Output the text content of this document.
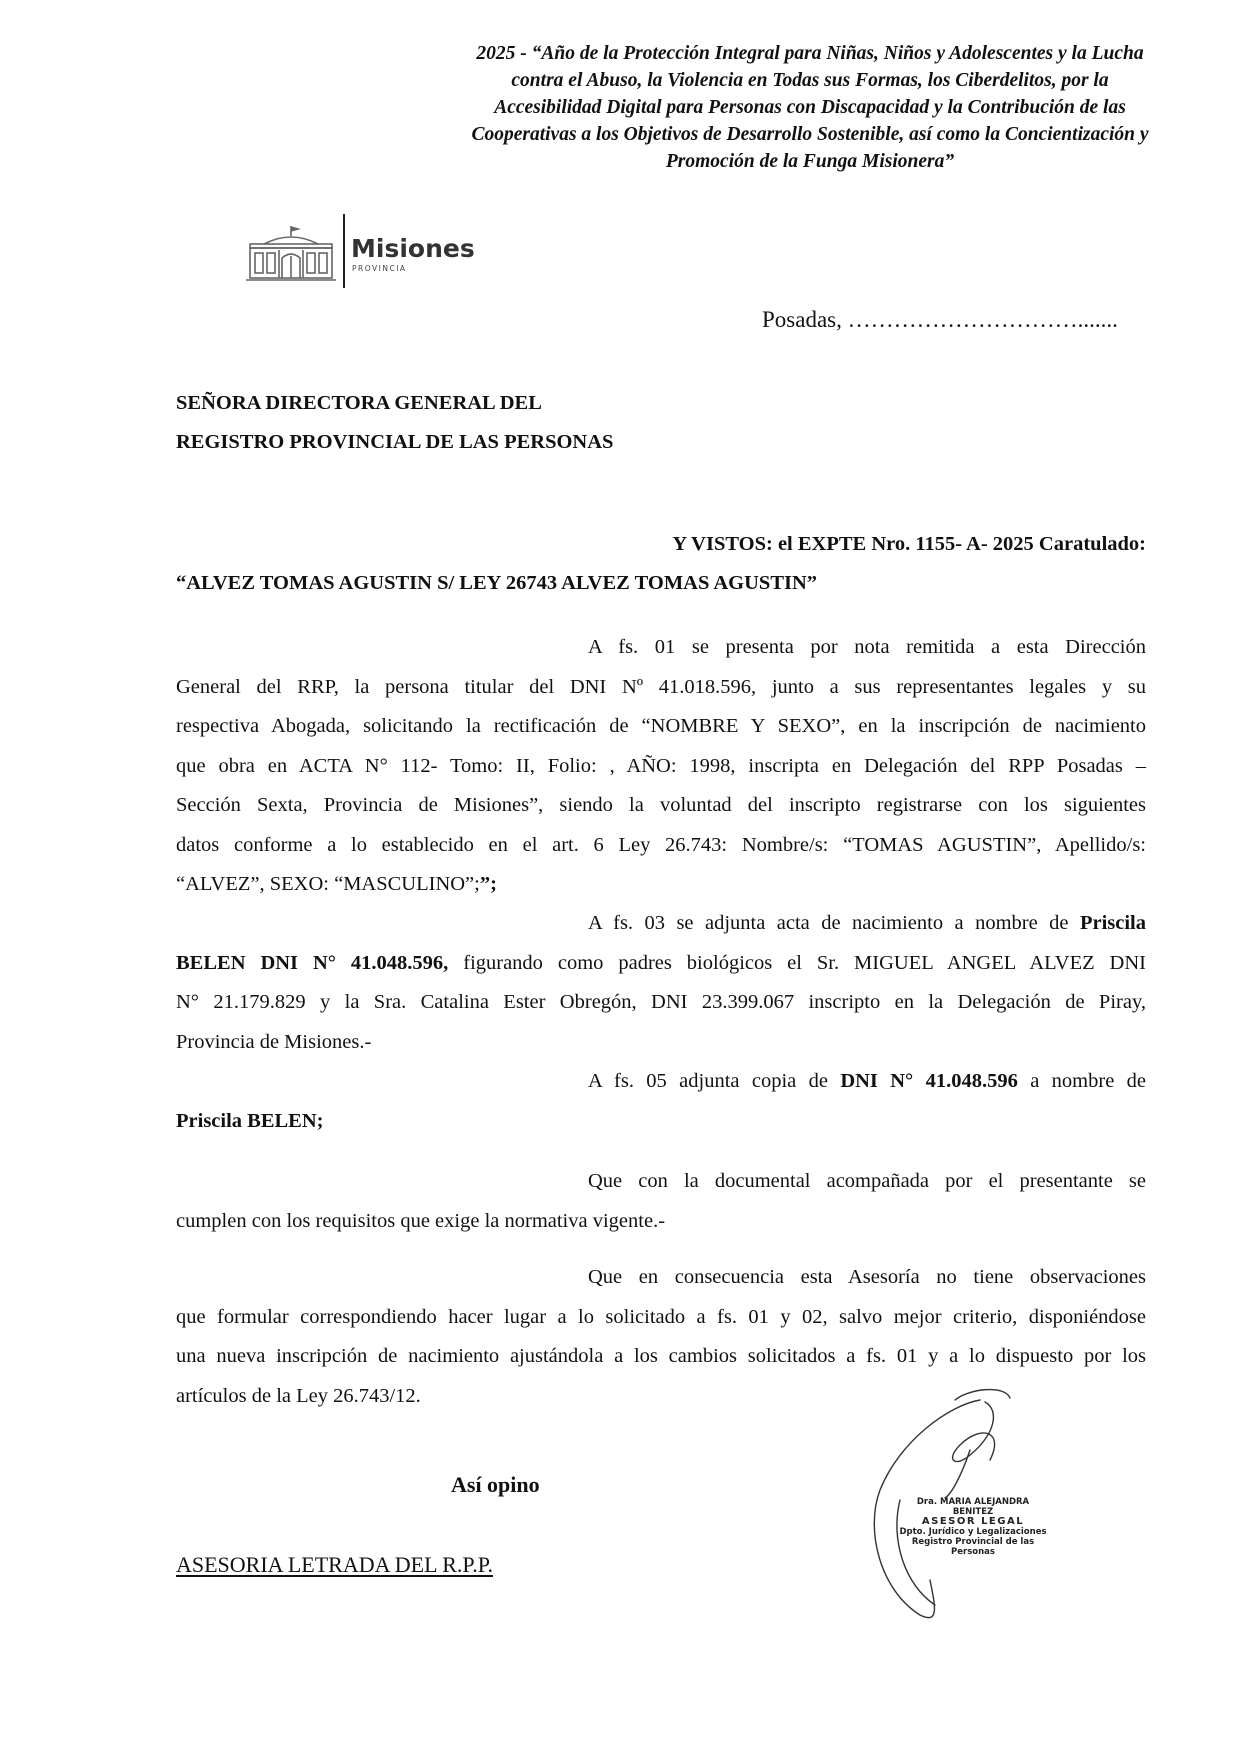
2025 - “Año de la Protección Integral para Niñas, Niños y Adolescentes y la Lucha
contra el Abuso, la Violencia en Todas sus Formas, los Ciberdelitos, por la
Accesibilidad Digital para Personas con Discapacidad y la Contribución de las
Cooperativas a los Objetivos de Desarrollo Sostenible, así como la Concientización y
Promoción de la Funga Misionera”
Misiones
PROVINCIA
Posadas, ………………………….......
SEÑORA DIRECTORA GENERAL DEL
REGISTRO PROVINCIAL DE LAS PERSONAS
Y VISTOS: el EXPTE Nro. 1155- A- 2025 Caratulado:
“ALVEZ TOMAS AGUSTIN S/ LEY 26743 ALVEZ TOMAS AGUSTIN”
A fs. 01 se presenta por nota remitida a esta Dirección
General del RRP, la persona titular del DNI Nº 41.018.596, junto a sus representantes legales y su
respectiva Abogada, solicitando la rectificación de “NOMBRE Y SEXO”, en la inscripción de nacimiento
que obra en ACTA N° 112- Tomo: II, Folio: , AÑO: 1998, inscripta en Delegación del RPP Posadas –
Sección Sexta, Provincia de Misiones”, siendo la voluntad del inscripto registrarse con los siguientes
datos conforme a lo establecido en el art. 6 Ley 26.743: Nombre/s: “TOMAS AGUSTIN”, Apellido/s:
“ALVEZ”, SEXO: “MASCULINO”;”;
A fs. 03 se adjunta acta de nacimiento a nombre de Priscila
BELEN DNI N° 41.048.596, figurando como padres biológicos el Sr. MIGUEL ANGEL ALVEZ DNI
N° 21.179.829 y la Sra. Catalina Ester Obregón, DNI 23.399.067 inscripto en la Delegación de Piray,
Provincia de Misiones.-
A fs. 05 adjunta copia de DNI N° 41.048.596 a nombre de
Priscila BELEN;
Que con la documental acompañada por el presentante se
cumplen con los requisitos que exige la normativa vigente.-
Que en consecuencia esta Asesoría no tiene observaciones
que formular correspondiendo hacer lugar a lo solicitado a fs. 01 y 02, salvo mejor criterio, disponiéndose
una nueva inscripción de nacimiento ajustándola a los cambios solicitados a fs. 01 y a lo dispuesto por los
artículos de la Ley 26.743/12.
Así opino
ASESORIA LETRADA DEL R.P.P.
Dra. MARIA ALEJANDRA BENITEZ
ASESOR LEGAL
Dpto. Jurídico y Legalizaciones
Registro Provincial de las Personas
